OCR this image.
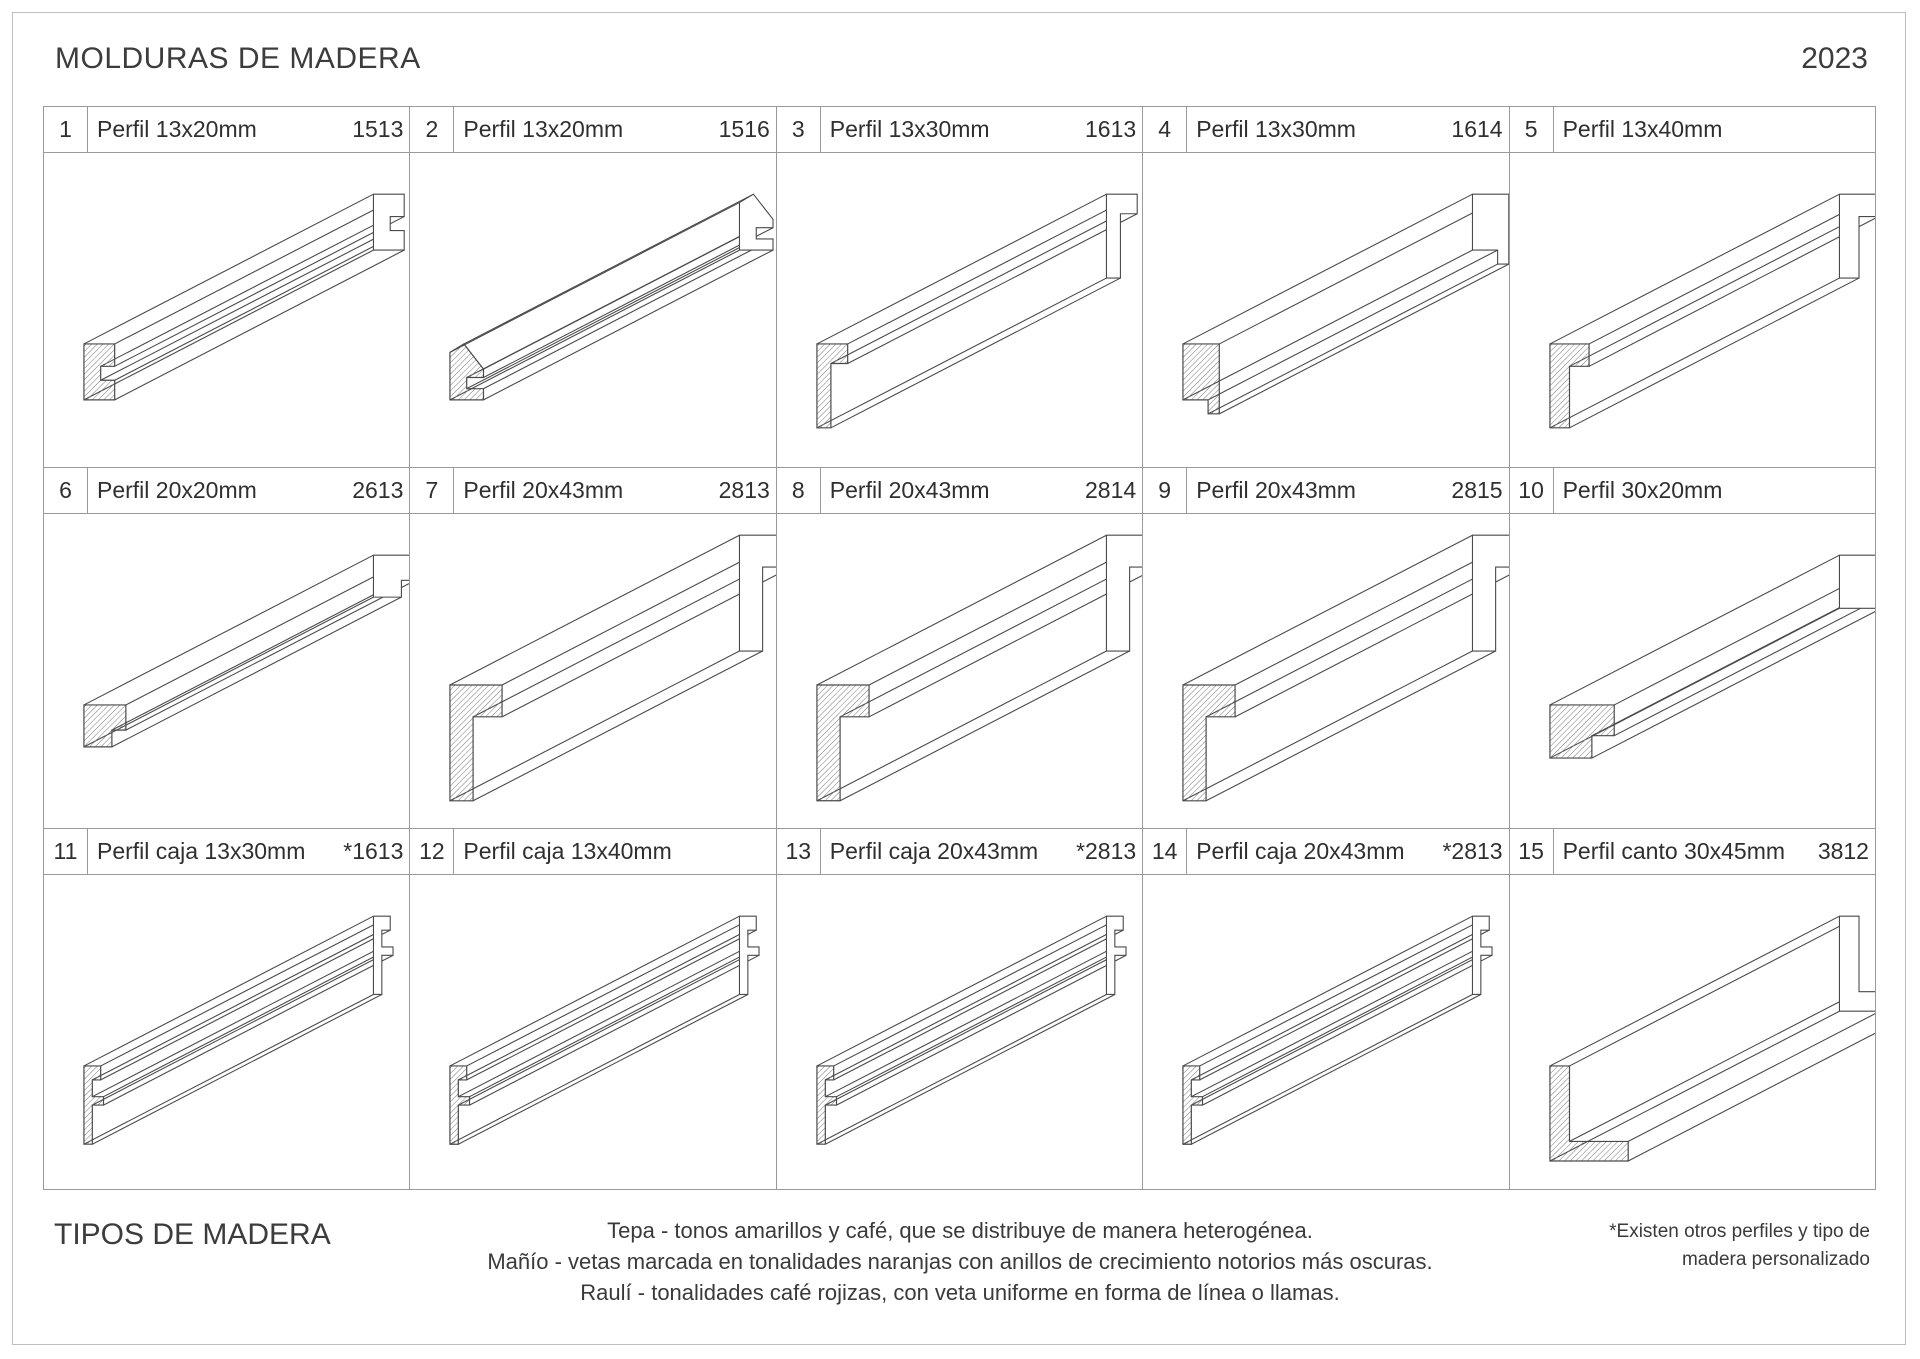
MOLDURAS DE MADERA	2023
1	Perfil 13x20mm	1513 2	Perfil 13x20mm	1516 3	Perfil 13x30mm	1613 4	Perfil 13x30mm	1614 5	Perfil 13x40mm
6	Perfil 20x20mm	2613 7	Perfil 20x43mm	2813 8	Perfil 20x43mm	2814 9	Perfil 20x43mm	2815 10 Perfil 30x20mm
11 Perfil caja 13x30mm	*1613 12 Perfil caja 13x40mm	13 Perfil caja 20x43mm	*2813 14 Perfil caja 20x43mm	*2813 15 Perfil canto 30x45mm	3812
TIPOS DE MADERA	Tepa - tonos amarillos y café, que se distribuye de manera heterogénea.
Mañío - vetas marcada en tonalidades naranjas con anillos de crecimiento notorios más oscuras.
Raulí - tonalidades café rojizas, con veta uniforme en forma de línea o llamas.
*Existen otros perfiles y tipo de
madera personalizado
